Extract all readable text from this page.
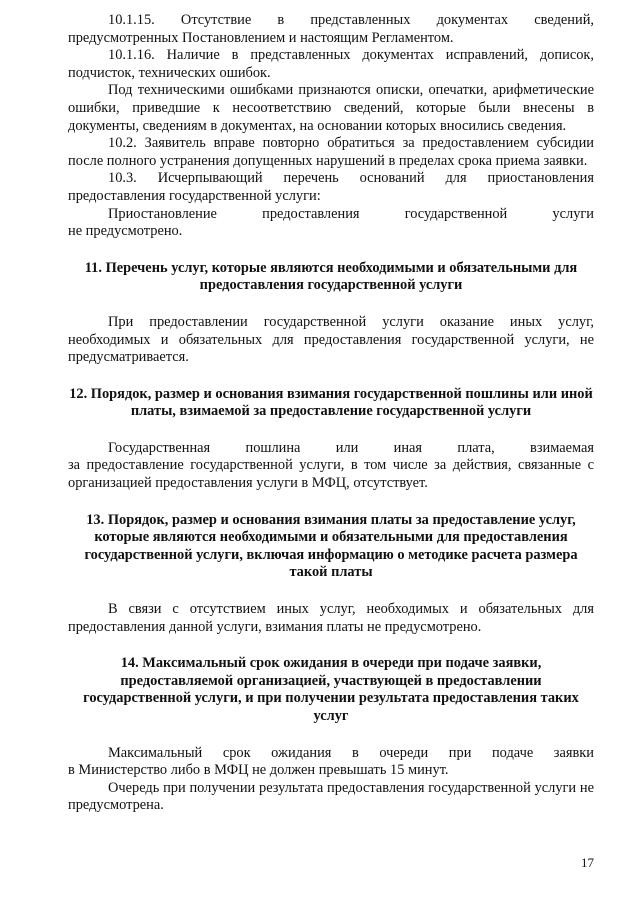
10.1.15. Отсутствие в представленных документах сведений, предусмотренных Постановлением и настоящим Регламентом.

10.1.16. Наличие в представленных документах исправлений, дописок, подчисток, технических ошибок.

Под техническими ошибками признаются описки, опечатки, арифметические ошибки, приведшие к несоответствию сведений, которые были внесены в документы, сведениям в документах, на основании которых вносились сведения.

10.2. Заявитель вправе повторно обратиться за предоставлением субсидии после полного устранения допущенных нарушений в пределах срока приема заявки.

10.3. Исчерпывающий перечень оснований для приостановления предоставления государственной услуги:

Приостановление предоставления государственной услуги

не предусмотрено.

11. Перечень услуг, которые являются необходимыми и обязательными для предоставления государственной услуги

При предоставлении государственной услуги оказание иных услуг, необходимых и обязательных для предоставления государственной услуги, не предусматривается.

12. Порядок, размер и основания взимания государственной пошлины или иной платы, взимаемой за предоставление государственной услуги

Государственная пошлина или иная плата, взимаемая

за предоставление государственной услуги, в том числе за действия, связанные с организацией предоставления услуги в МФЦ, отсутствует.

13. Порядок, размер и основания взимания платы за предоставление услуг, которые являются необходимыми и обязательными для предоставления государственной услуги, включая информацию о методике расчета размера такой платы

В связи с отсутствием иных услуг, необходимых и обязательных для предоставления данной услуги, взимания платы не предусмотрено.

14. Максимальный срок ожидания в очереди при подаче заявки, предоставляемой организацией, участвующей в предоставлении государственной услуги, и при получении результата предоставления таких услуг

Максимальный срок ожидания в очереди при подаче заявки

в Министерство либо в МФЦ не должен превышать 15 минут.

Очередь при получении результата предоставления государственной услуги не предусмотрена.

17
